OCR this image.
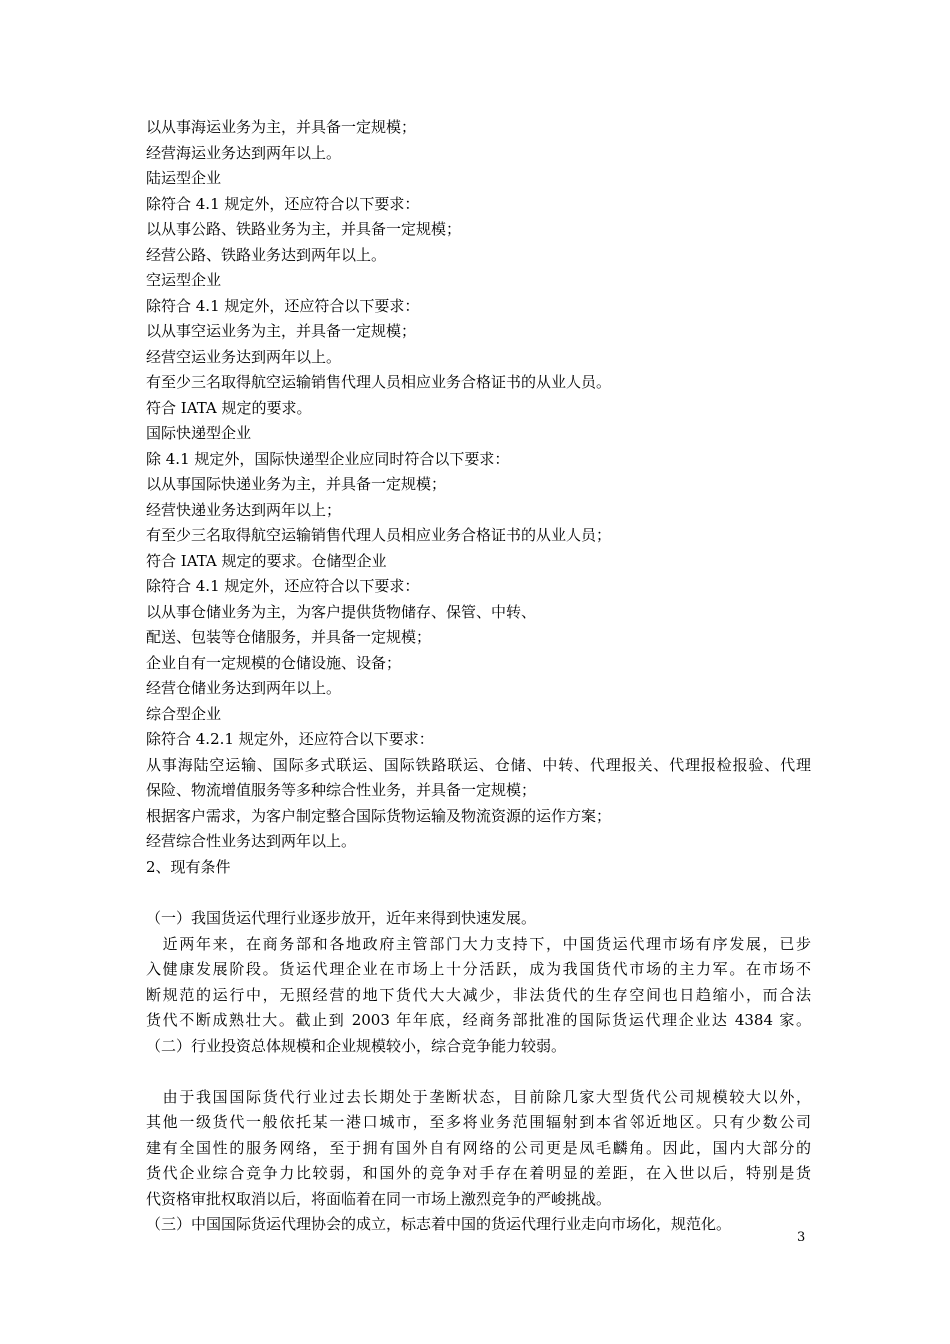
以从事海运业务为主，并具备一定规模；
经营海运业务达到两年以上。
陆运型企业
除符合 4.1 规定外，还应符合以下要求：
以从事公路、铁路业务为主，并具备一定规模；
经营公路、铁路业务达到两年以上。
空运型企业
除符合 4.1 规定外，还应符合以下要求：
以从事空运业务为主，并具备一定规模；
经营空运业务达到两年以上。
有至少三名取得航空运输销售代理人员相应业务合格证书的从业人员。
符合 IATA 规定的要求。
国际快递型企业
除 4.1 规定外，国际快递型企业应同时符合以下要求：
以从事国际快递业务为主，并具备一定规模；
经营快递业务达到两年以上；
有至少三名取得航空运输销售代理人员相应业务合格证书的从业人员；
符合 IATA 规定的要求。仓储型企业
除符合 4.1 规定外，还应符合以下要求：
以从事仓储业务为主，为客户提供货物储存、保管、中转、
配送、包装等仓储服务，并具备一定规模；
企业自有一定规模的仓储设施、设备；
经营仓储业务达到两年以上。
综合型企业
除符合 4.2.1 规定外，还应符合以下要求：
从事海陆空运输、国际多式联运、国际铁路联运、仓储、中转、代理报关、代理报检报验、代理
保险、物流增值服务等多种综合性业务，并具备一定规模；
根据客户需求，为客户制定整合国际货物运输及物流资源的运作方案；
经营综合性业务达到两年以上。
2、现有条件
（一）我国货运代理行业逐步放开，近年来得到快速发展。
　近两年来，在商务部和各地政府主管部门大力支持下，中国货运代理市场有序发展，已步
入健康发展阶段。货运代理企业在市场上十分活跃，成为我国货代市场的主力军。在市场不
断规范的运行中，无照经营的地下货代大大减少，非法货代的生存空间也日趋缩小，而合法
货代不断成熟壮大。截止到 2003 年年底，经商务部批准的国际货运代理企业达 4384 家。
（二）行业投资总体规模和企业规模较小，综合竞争能力较弱。
　由于我国国际货代行业过去长期处于垄断状态，目前除几家大型货代公司规模较大以外，
其他一级货代一般依托某一港口城市，至多将业务范围辐射到本省邻近地区。只有少数公司
建有全国性的服务网络，至于拥有国外自有网络的公司更是凤毛麟角。因此，国内大部分的
货代企业综合竞争力比较弱，和国外的竞争对手存在着明显的差距，在入世以后，特别是货
代资格审批权取消以后，将面临着在同一市场上激烈竞争的严峻挑战。
（三）中国国际货运代理协会的成立，标志着中国的货运代理行业走向市场化，规范化。
3
